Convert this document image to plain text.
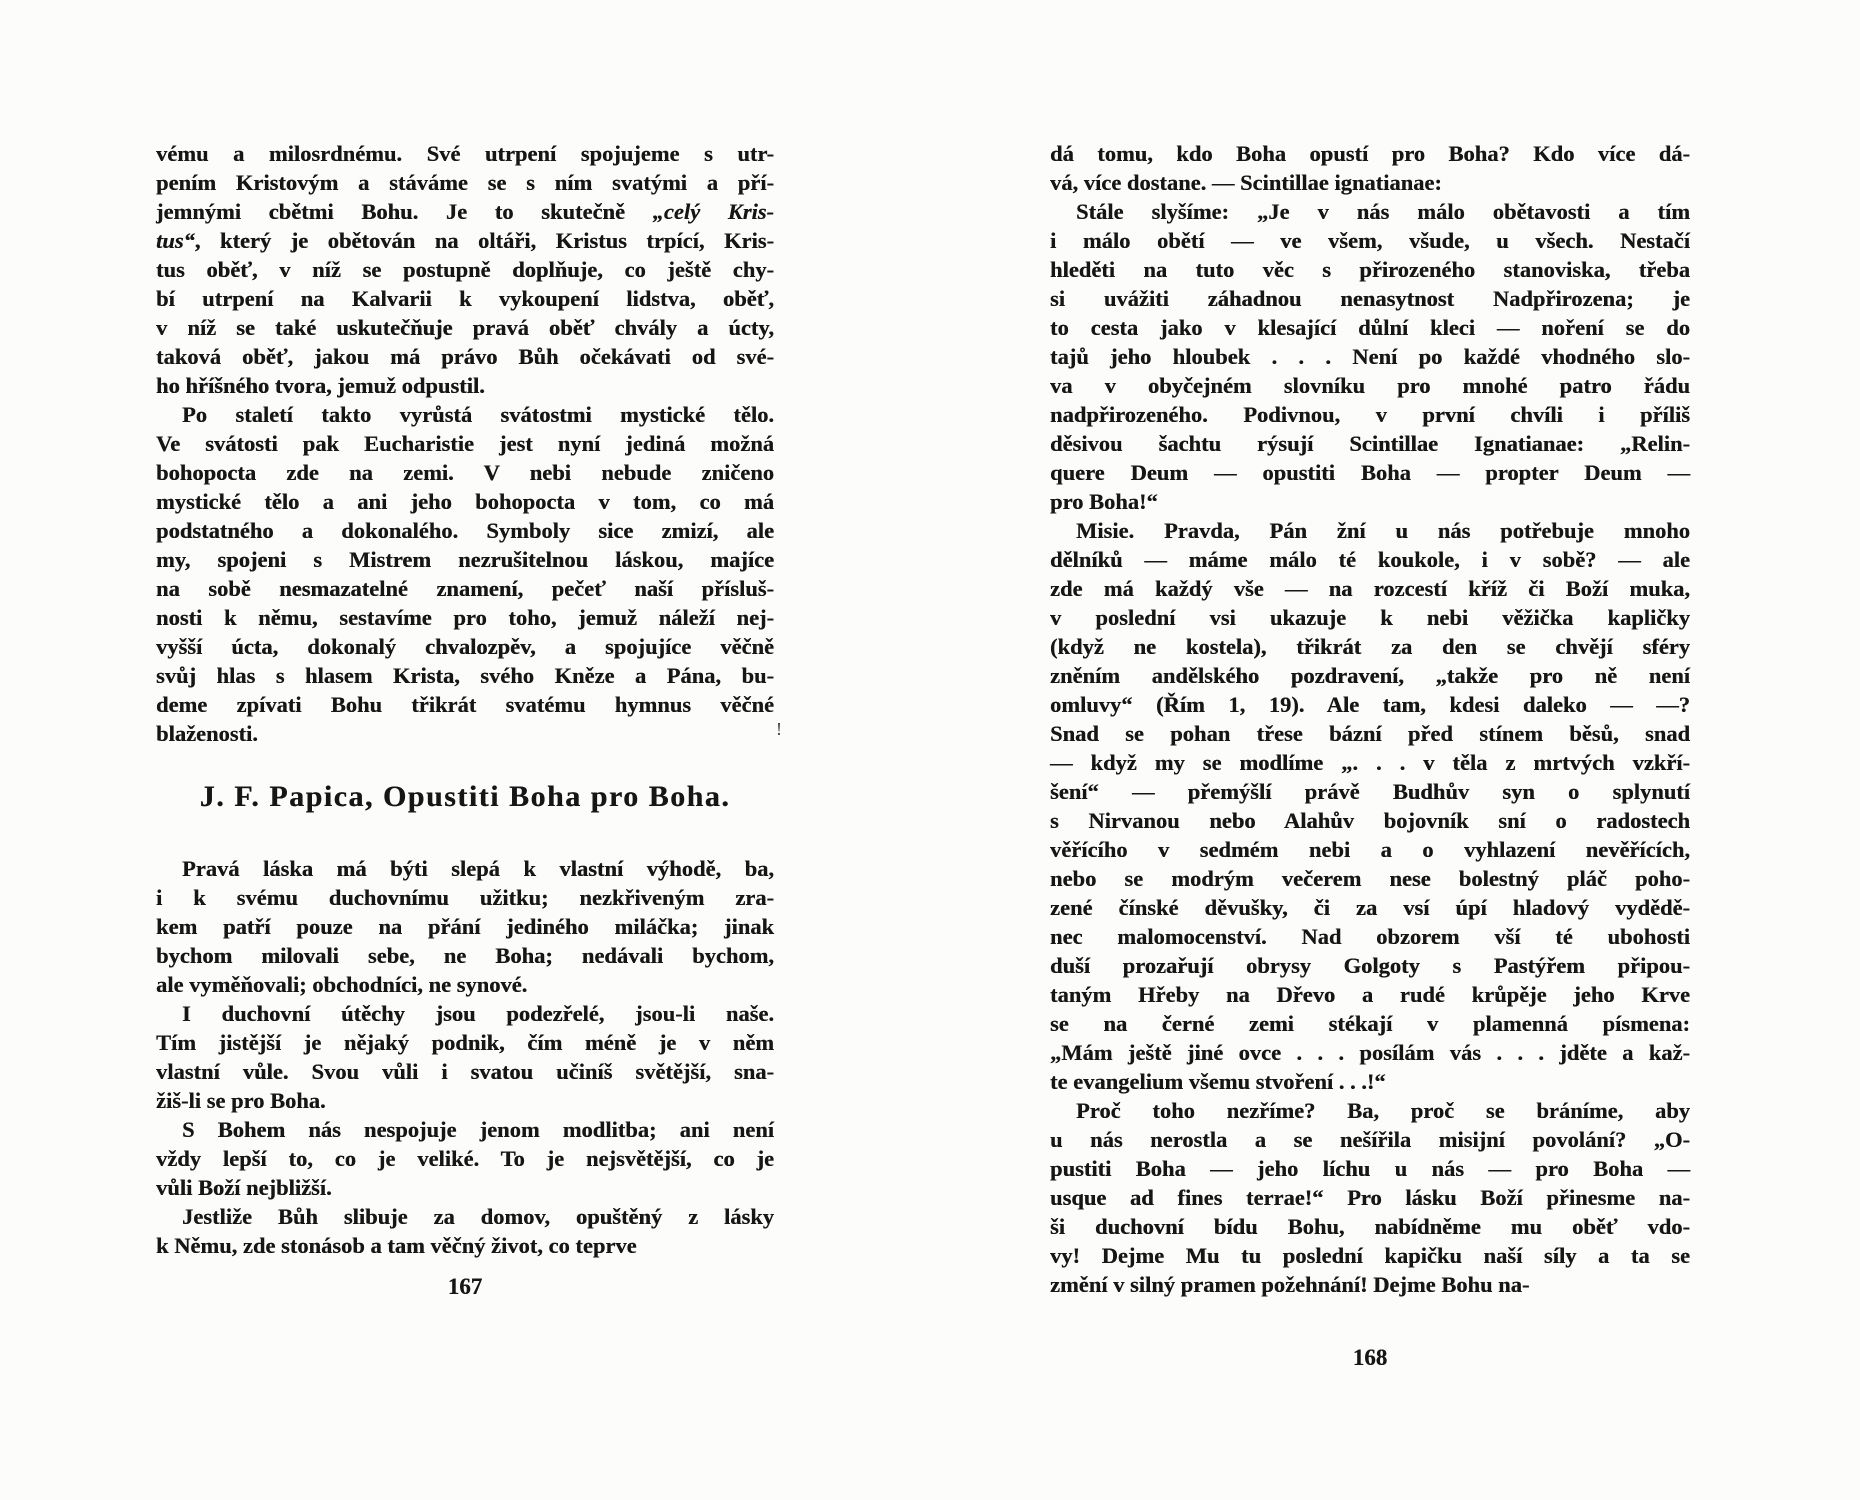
vému a milosrdnému. Své utrpení spojujeme s utr-
pením Kristovým a stáváme se s ním svatými a pří-
jemnými cbětmi Bohu. Je to skutečně „celý Kris-
tus“, který je obětován na oltáři, Kristus trpící, Kris-
tus oběť, v níž se postupně doplňuje, co ještě chy-
bí utrpení na Kalvarii k vykoupení lidstva, oběť,
v níž se také uskutečňuje pravá oběť chvály a úcty,
taková oběť, jakou má právo Bůh očekávati od své-
ho hříšného tvora, jemuž odpustil.
Po staletí takto vyrůstá svátostmi mystické tělo.
Ve svátosti pak Eucharistie jest nyní jediná možná
bohopocta zde na zemi. V nebi nebude zničeno
mystické tělo a ani jeho bohopocta v tom, co má
podstatného a dokonalého. Symboly sice zmizí, ale
my, spojeni s Mistrem nezrušitelnou láskou, majíce
na sobě nesmazatelné znamení, pečeť naší přísluš-
nosti k němu, sestavíme pro toho, jemuž náleží nej-
vyšší úcta, dokonalý chvalozpěv, a spojujíce věčně
svůj hlas s hlasem Krista, svého Kněze a Pána, bu-
deme zpívati Bohu třikrát svatému hymnus věčné
blaženosti.
J. F. Papica, Opustiti Boha pro Boha.
Pravá láska má býti slepá k vlastní výhodě, ba,
i k svému duchovnímu užitku; nezkřiveným zra-
kem patří pouze na přání jediného miláčka; jinak
bychom milovali sebe, ne Boha; nedávali bychom,
ale vyměňovali; obchodníci, ne synové.
I duchovní útěchy jsou podezřelé, jsou-li naše.
Tím jistější je nějaký podnik, čím méně je v něm
vlastní vůle. Svou vůli i svatou učiníš světější, sna-
žiš-li se pro Boha.
S Bohem nás nespojuje jenom modlitba; ani není
vždy lepší to, co je veliké. To je nejsvětější, co je
vůli Boží nejbližší.
Jestliže Bůh slibuje za domov, opuštěný z lásky
k Němu, zde stonásob a tam věčný život, co teprve
167
!
dá tomu, kdo Boha opustí pro Boha? Kdo více dá-
vá, více dostane. — Scintillae ignatianae:
Stále slyšíme: „Je v nás málo obětavosti a tím
i málo obětí — ve všem, všude, u všech. Nestačí
hleděti na tuto věc s přirozeného stanoviska, třeba
si uvážiti záhadnou nenasytnost Nadpřirozena; je
to cesta jako v klesající důlní kleci — noření se do
tajů jeho hloubek . . . Není po každé vhodného slo-
va v obyčejném slovníku pro mnohé patro řádu
nadpřirozeného. Podivnou, v první chvíli i příliš
děsivou šachtu rýsují Scintillae Ignatianae: „Relin-
quere Deum — opustiti Boha — propter Deum —
pro Boha!“
Misie. Pravda, Pán žní u nás potřebuje mnoho
dělníků — máme málo té koukole, i v sobě? — ale
zde má každý vše — na rozcestí kříž či Boží muka,
v poslední vsi ukazuje k nebi věžička kapličky
(když ne kostela), třikrát za den se chvějí sféry
zněním andělského pozdravení, „takže pro ně není
omluvy“ (Řím 1, 19). Ale tam, kdesi daleko — —?
Snad se pohan třese bázní před stínem běsů, snad
— když my se modlíme „. . . v těla z mrtvých vzkří-
šení“ — přemýšlí právě Budhův syn o splynutí
s Nirvanou nebo Alahův bojovník sní o radostech
věřícího v sedmém nebi a o vyhlazení nevěřících,
nebo se modrým večerem nese bolestný pláč poho-
zené čínské děvušky, či za vsí úpí hladový vydědě-
nec malomocenství. Nad obzorem vší té ubohosti
duší prozařují obrysy Golgoty s Pastýřem připou-
taným Hřeby na Dřevo a rudé krůpěje jeho Krve
se na černé zemi stékají v plamenná písmena:
„Mám ještě jiné ovce . . . posílám vás . . . jděte a kaž-
te evangelium všemu stvoření . . .!“
Proč toho nezříme? Ba, proč se bráníme, aby
u nás nerostla a se nešířila misijní povolání? „O-
pustiti Boha — jeho líchu u nás — pro Boha —
usque ad fines terrae!“ Pro lásku Boží přinesme na-
ši duchovní bídu Bohu, nabídněme mu oběť vdo-
vy! Dejme Mu tu poslední kapičku naší síly a ta se
změní v silný pramen požehnání! Dejme Bohu na-
168
